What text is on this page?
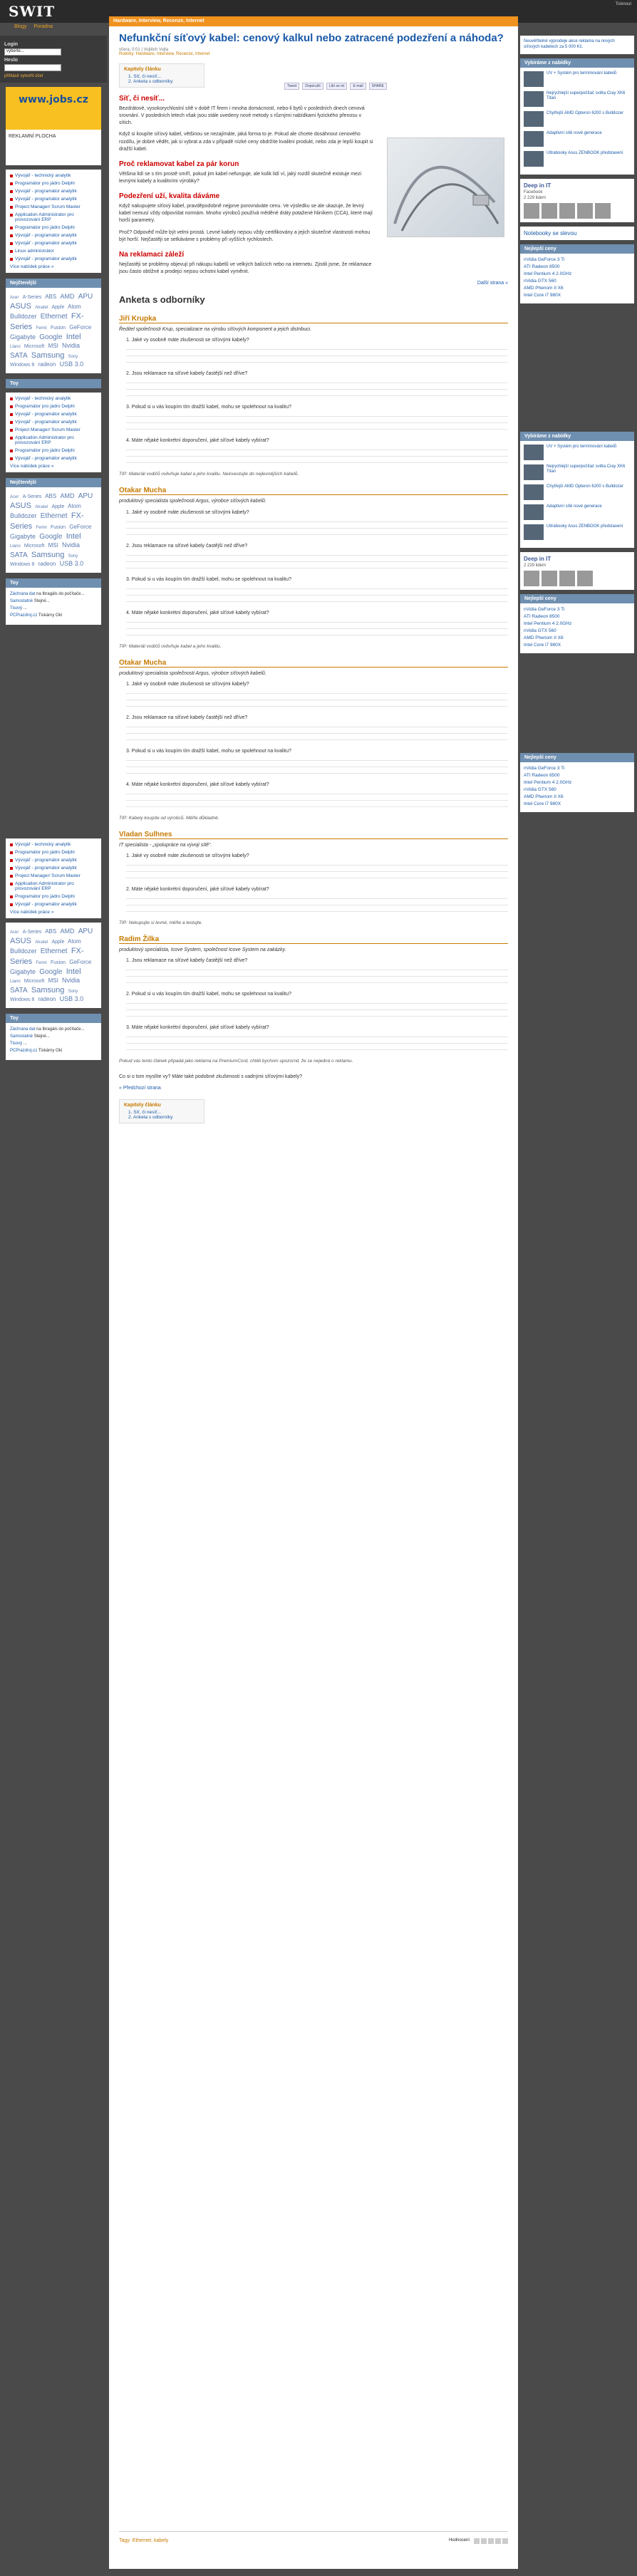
SWIT	Tisknout
Blogy Poradna
Login
vyberte...
Heslo
přihlásit vytvořit účet
www.jobs.cz
REKLAMNÍ PLOCHA
Vývojář - technický analytik
Programátor pro jádro Delphi
Vývojář - programátor analytik
Vývojář - programátor analytik
Project Manager/ Scrum Master
Application Administrator pro provozování ERP
Programátor pro jádro Delphi
Vývojář - programátor analytik
Vývojář - programátor analytik
Linux administrátor
Vývojář - programátor analytik
Více nabídek práce »
Nejčtenější
Acer A-Series ABS AMD APU ASUS Alcatel Apple Atom Bulldozer Ethernet FX-Series Fermi Fusion GeForce Gigabyte Google Intel Llano Microsoft MSI Nvidia SATA Samsung Sony Windows 8 radeon USB 3.0
Toy
Vývojář - technický analytik
Programátor pro jádro Delphi
Vývojář - programátor analytik
Vývojář - programátor analytik
Project Manager/ Scrum Master
Application Administrator pro provozování ERP
Programátor pro jádro Delphi
Vývojář - programátor analytik
Více nabídek práce »
Nejčtenější
Acer A-Series ABS AMD APU ASUS Alcatel Apple Atom Bulldozer Ethernet FX-Series Fermi Fusion GeForce Gigabyte Google Intel Llano Microsoft MSI Nvidia SATA Samsung Sony Windows 8 radeon USB 3.0
Toy
Záchrana dat na Ibragáls do počítače...
Samostatné Stejné...
Tisový ...
PCPrazdroj.cz Tiskárny Oki
Vývojář - technický analytik
Programátor pro jádro Delphi
Vývojář - programátor analytik
Vývojář - programátor analytik
Project Manager/ Scrum Master
Application Administrator pro provozování ERP
Programátor pro jádro Delphi
Vývojář - programátor analytik
Více nabídek práce »
Acer A-Series ABS AMD APU ASUS Alcatel Apple Atom Bulldozer Ethernet FX-Series Fermi Fusion GeForce Gigabyte Google Intel Llano Microsoft MSI Nvidia SATA Samsung Sony Windows 8 radeon USB 3.0
Toy
Záchrana dat na Ibragáls do počítače...
Samostatné Stejné...
Tisový ...
PCPrazdroj.cz Tiskárny Oki
Hardware, Interview, Recenze, Internet
Nefunkční síťový kabel: cenový kalkul nebo zatracené podezření a náhoda?
včera, 0:01 | Vojtěch Vojta
Rubriky: Hardware, Interview, Recenze, Internet
Kapitoly článku
1. Síť, či nesíť...
2. Anketa s odborníky
Síť, či nesíť...
Bezdrátové, vysokorychlostní sítě v době IT firem i mnoha domácností, nebo-li bytů v posledních dnech cenová srovnání. V posledních letech však jsou stále uvedeny nové metody s různými nabídkami fyzického přenosu v sítích.
Když si koupíte síťový kabel, většinou se nezajímáte, jaká forma to je. Pokud ale chcete dosáhnout cenového rozdílu, je dobré vědět, jak si vybrat a zda v případě nízké ceny obdržíte kvalitní produkt, nebo zda je lepší koupit si dražší kabel.
Proč reklamovat kabel za pár korun
Většina lidí se s tím prostě smíří, pokud jim kabel nefunguje, ale kolik lidí ví, jaký rozdíl skutečně existuje mezi levnými kabely a kvalitními výrobky?
Podezření uží, kvalita dáváme
Když nakupujete síťový kabel, pravděpodobně nejprve porovnáváte cenu. Ve výsledku se ale ukazuje, že levný kabel nemusí vždy odpovídat normám. Mnoho výrobců používá měděné dráty potažené hliníkem (CCA), které mají horší parametry.
Proč? Odpověď může být velmi prostá. Levné kabely nejsou vždy certifikovány a jejich skutečné vlastnosti mohou být horší. Nejčastěji se setkáváme s problémy při vyšších rychlostech.
Na reklamaci záleží
Nejčastěji se problémy objevují při nákupu kabelů ve velkých balících nebo na internetu. Zjistili jsme, že reklamace jsou často obtížné a prodejci nejsou ochotni kabel vyměnit.
Další strana »
Anketa s odborníky
Jiří Krupka
Ředitel společnosti Krup, specializace na výrobu síťových komponent a jejich distribuci.
1. Jaké vy osobně máte zkušenosti se síťovými kabely?
2. Jsou reklamace na síťové kabely častější než dříve?
3. Pokud si u vás koupím tím dražší kabel, mohu se spolehnout na kvalitu?
4. Máte nějaké konkrétní doporučení, jaké síťové kabely vybírat?
TIP: Materiál vodičů ovlivňuje kabel a jeho kvalitu. Neinvestujte do nejlevnějších kabelů.
Otakar Mucha
produktový specialista společnosti Argus, výrobce síťových kabelů.
1. Jaké vy osobně máte zkušenosti se síťovými kabely?
2. Jsou reklamace na síťové kabely častější než dříve?
3. Pokud si u vás koupím tím dražší kabel, mohu se spolehnout na kvalitu?
4. Máte nějaké konkrétní doporučení, jaké síťové kabely vybírat?
TIP: Materiál vodičů ovlivňuje kabel a jeho kvalitu.
Otakar Mucha
produktový specialista společnosti Argus, výrobce síťových kabelů.
1. Jaké vy osobně máte zkušenosti se síťovými kabely?
2. Jsou reklamace na síťové kabely častější než dříve?
3. Pokud si u vás koupím tím dražší kabel, mohu se spolehnout na kvalitu?
4. Máte nějaké konkrétní doporučení, jaké síťové kabely vybírat?
TIP: Kabely koupíte od výrobců. Měřte důkladně.
Vladan Sulhnes
IT specialista - „spolupráce na vývoji sítě“.
1. Jaké vy osobně máte zkušenosti se síťovými kabely?
2. Máte nějaké konkrétní doporučení, jaké síťové kabely vybírat?
TIP: Nekupujte si levné, měřte a testujte.
Radim Žilka
produktový specialista, Icove System, společnost Icove System na zakázky.
1. Jsou reklamace na síťové kabely častější než dříve?
2. Pokud si u vás koupím tím dražší kabel, mohu se spolehnout na kvalitu?
3. Máte nějaké konkrétní doporučení, jaké síťové kabely vybírat?
Pokud vás tento článek připadá jako reklama na PremiumCord, chtěli bychom upozornit, že se nejedná o reklamu.
Co si o tom myslíte vy? Máte také podobné zkušenosti s vadnými síťovými kabely?
« Předchozí strana
Kapitoly článku
1. Síť, či nesíť...
2. Anketa s odborníky
Tweet	Doporučit	Líbí se mi	E-mail	SHARE
Tagy: Ethernet, kabely	Hodnocení
Neuvěřitelné výprodeje akce reklama na nových síťových kabelech za 5 000 Kč.
Vybíráme z nabídky
UV + Systém pro termínování kabelů
Nejrychlejší superpočítač světa Cray XK6 Titan
Chytřejší AMD Opteron 6200 s Bulldozer
Adaptivní sítě nové generace
Ultrabooky Asus ZENBOOK představení
Deep in IT
Facebook
2 229 lidem
Notebooky se slevou
Nejlepší ceny
nVidia GeForce 3 Ti
ATI Radeon 8500
Intel Pentium 4 2.0GHz
nVidia GTX 560
AMD Phenom II X6
Intel Core i7 980X
Vybíráme z nabídky
UV + Systém pro termínování kabelů
Nejrychlejší superpočítač světa Cray XK6 Titan
Chytřejší AMD Opteron 6200 s Bulldozer
Adaptivní sítě nové generace
Ultrabooky Asus ZENBOOK představení
Deep in IT
2 229 lidem
Nejlepší ceny
nVidia GeForce 3 Ti
ATI Radeon 8500
Intel Pentium 4 2.0GHz
nVidia GTX 560
AMD Phenom II X6
Intel Core i7 980X
Nejlepší ceny
nVidia GeForce 3 Ti
ATI Radeon 8500
Intel Pentium 4 2.0GHz
nVidia GTX 560
AMD Phenom II X6
Intel Core i7 980X
